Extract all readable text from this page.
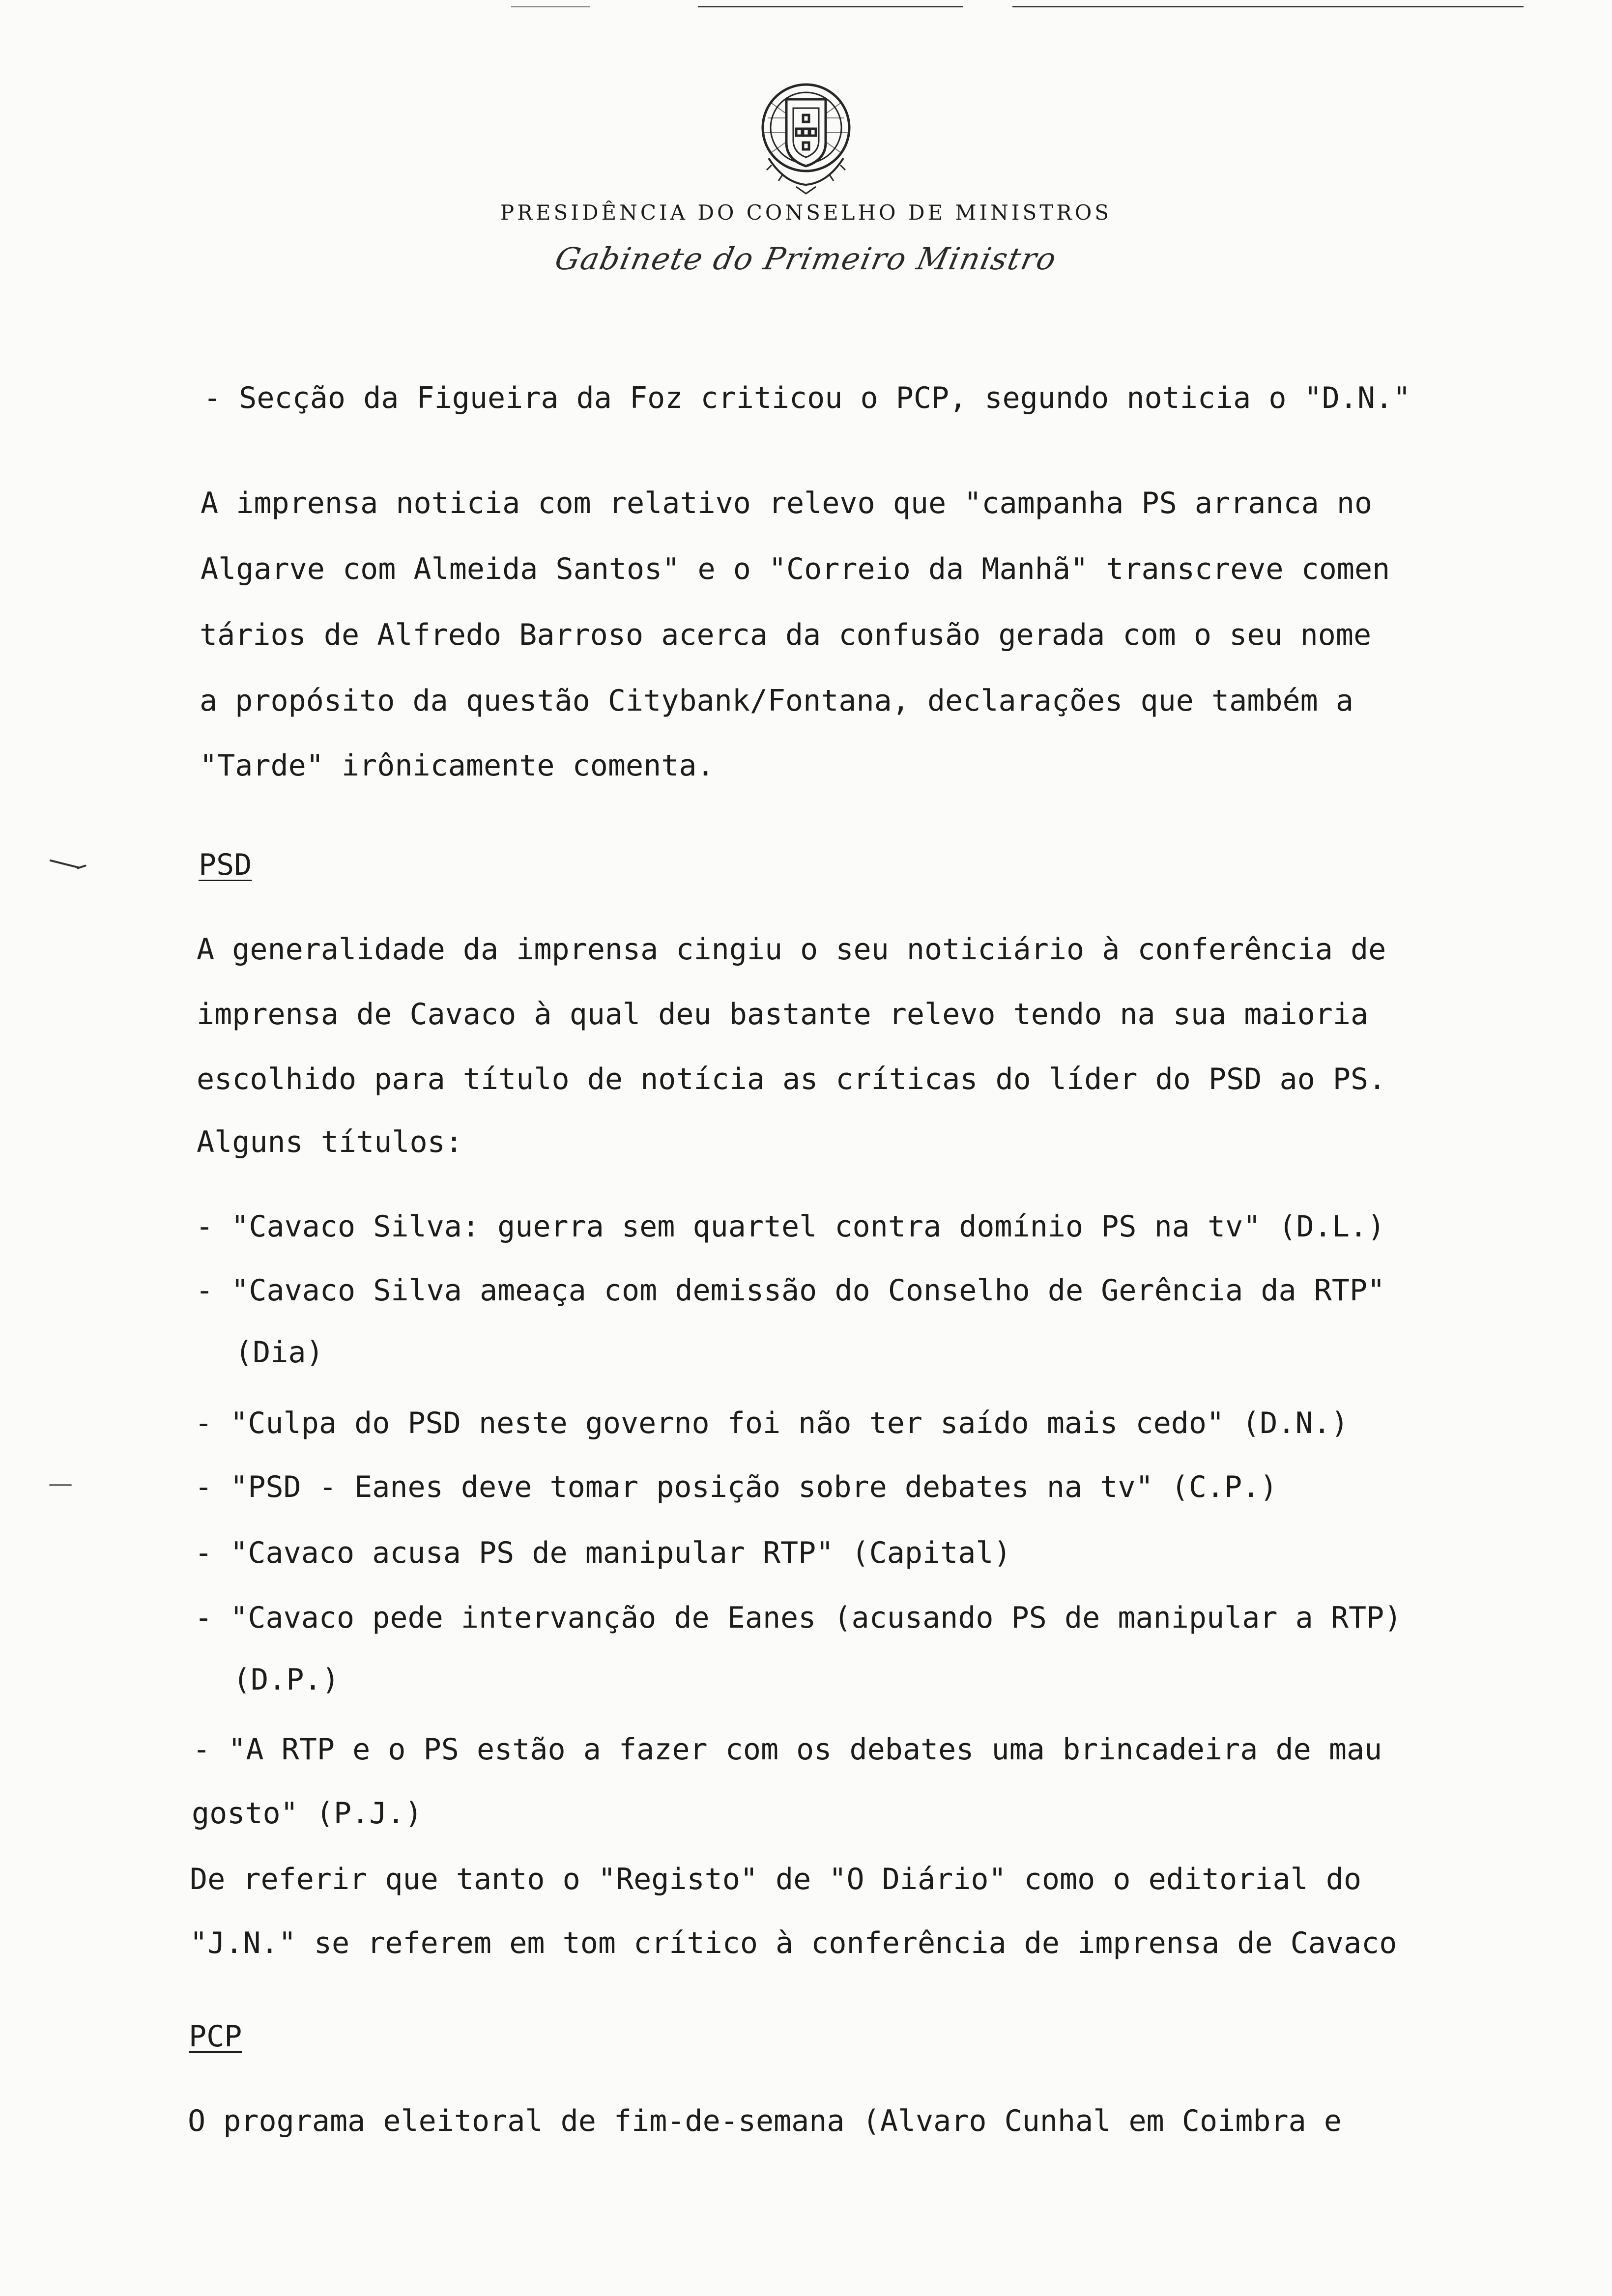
PRESIDÊNCIA DO CONSELHO DE MINISTROS
Gabinete do Primeiro Ministro
- Secção da Figueira da Foz criticou o PCP, segundo noticia o "D.N."
A imprensa noticia com relativo relevo que "campanha PS arranca no
Algarve com Almeida Santos" e o "Correio da Manhã" transcreve comen
tários de Alfredo Barroso acerca da confusão gerada com o seu nome
a propósito da questão Citybank/Fontana, declarações que também a
"Tarde" irônicamente comenta.
PSD
A generalidade da imprensa cingiu o seu noticiário à conferência de
imprensa de Cavaco à qual deu bastante relevo tendo na sua maioria
escolhido para título de notícia as críticas do líder do PSD ao PS.
Alguns títulos:
- "Cavaco Silva: guerra sem quartel contra domínio PS na tv" (D.L.)
- "Cavaco Silva ameaça com demissão do Conselho de Gerência da RTP"
(Dia)
- "Culpa do PSD neste governo foi não ter saído mais cedo" (D.N.)
- "PSD - Eanes deve tomar posição sobre debates na tv" (C.P.)
- "Cavaco acusa PS de manipular RTP" (Capital)
- "Cavaco pede intervanção de Eanes (acusando PS de manipular a RTP)
(D.P.)
- "A RTP e o PS estão a fazer com os debates uma brincadeira de mau
gosto" (P.J.)
De referir que tanto o "Registo" de "O Diário" como o editorial do
"J.N." se referem em tom crítico à conferência de imprensa de Cavaco
PCP
O programa eleitoral de fim-de-semana (Alvaro Cunhal em Coimbra e
